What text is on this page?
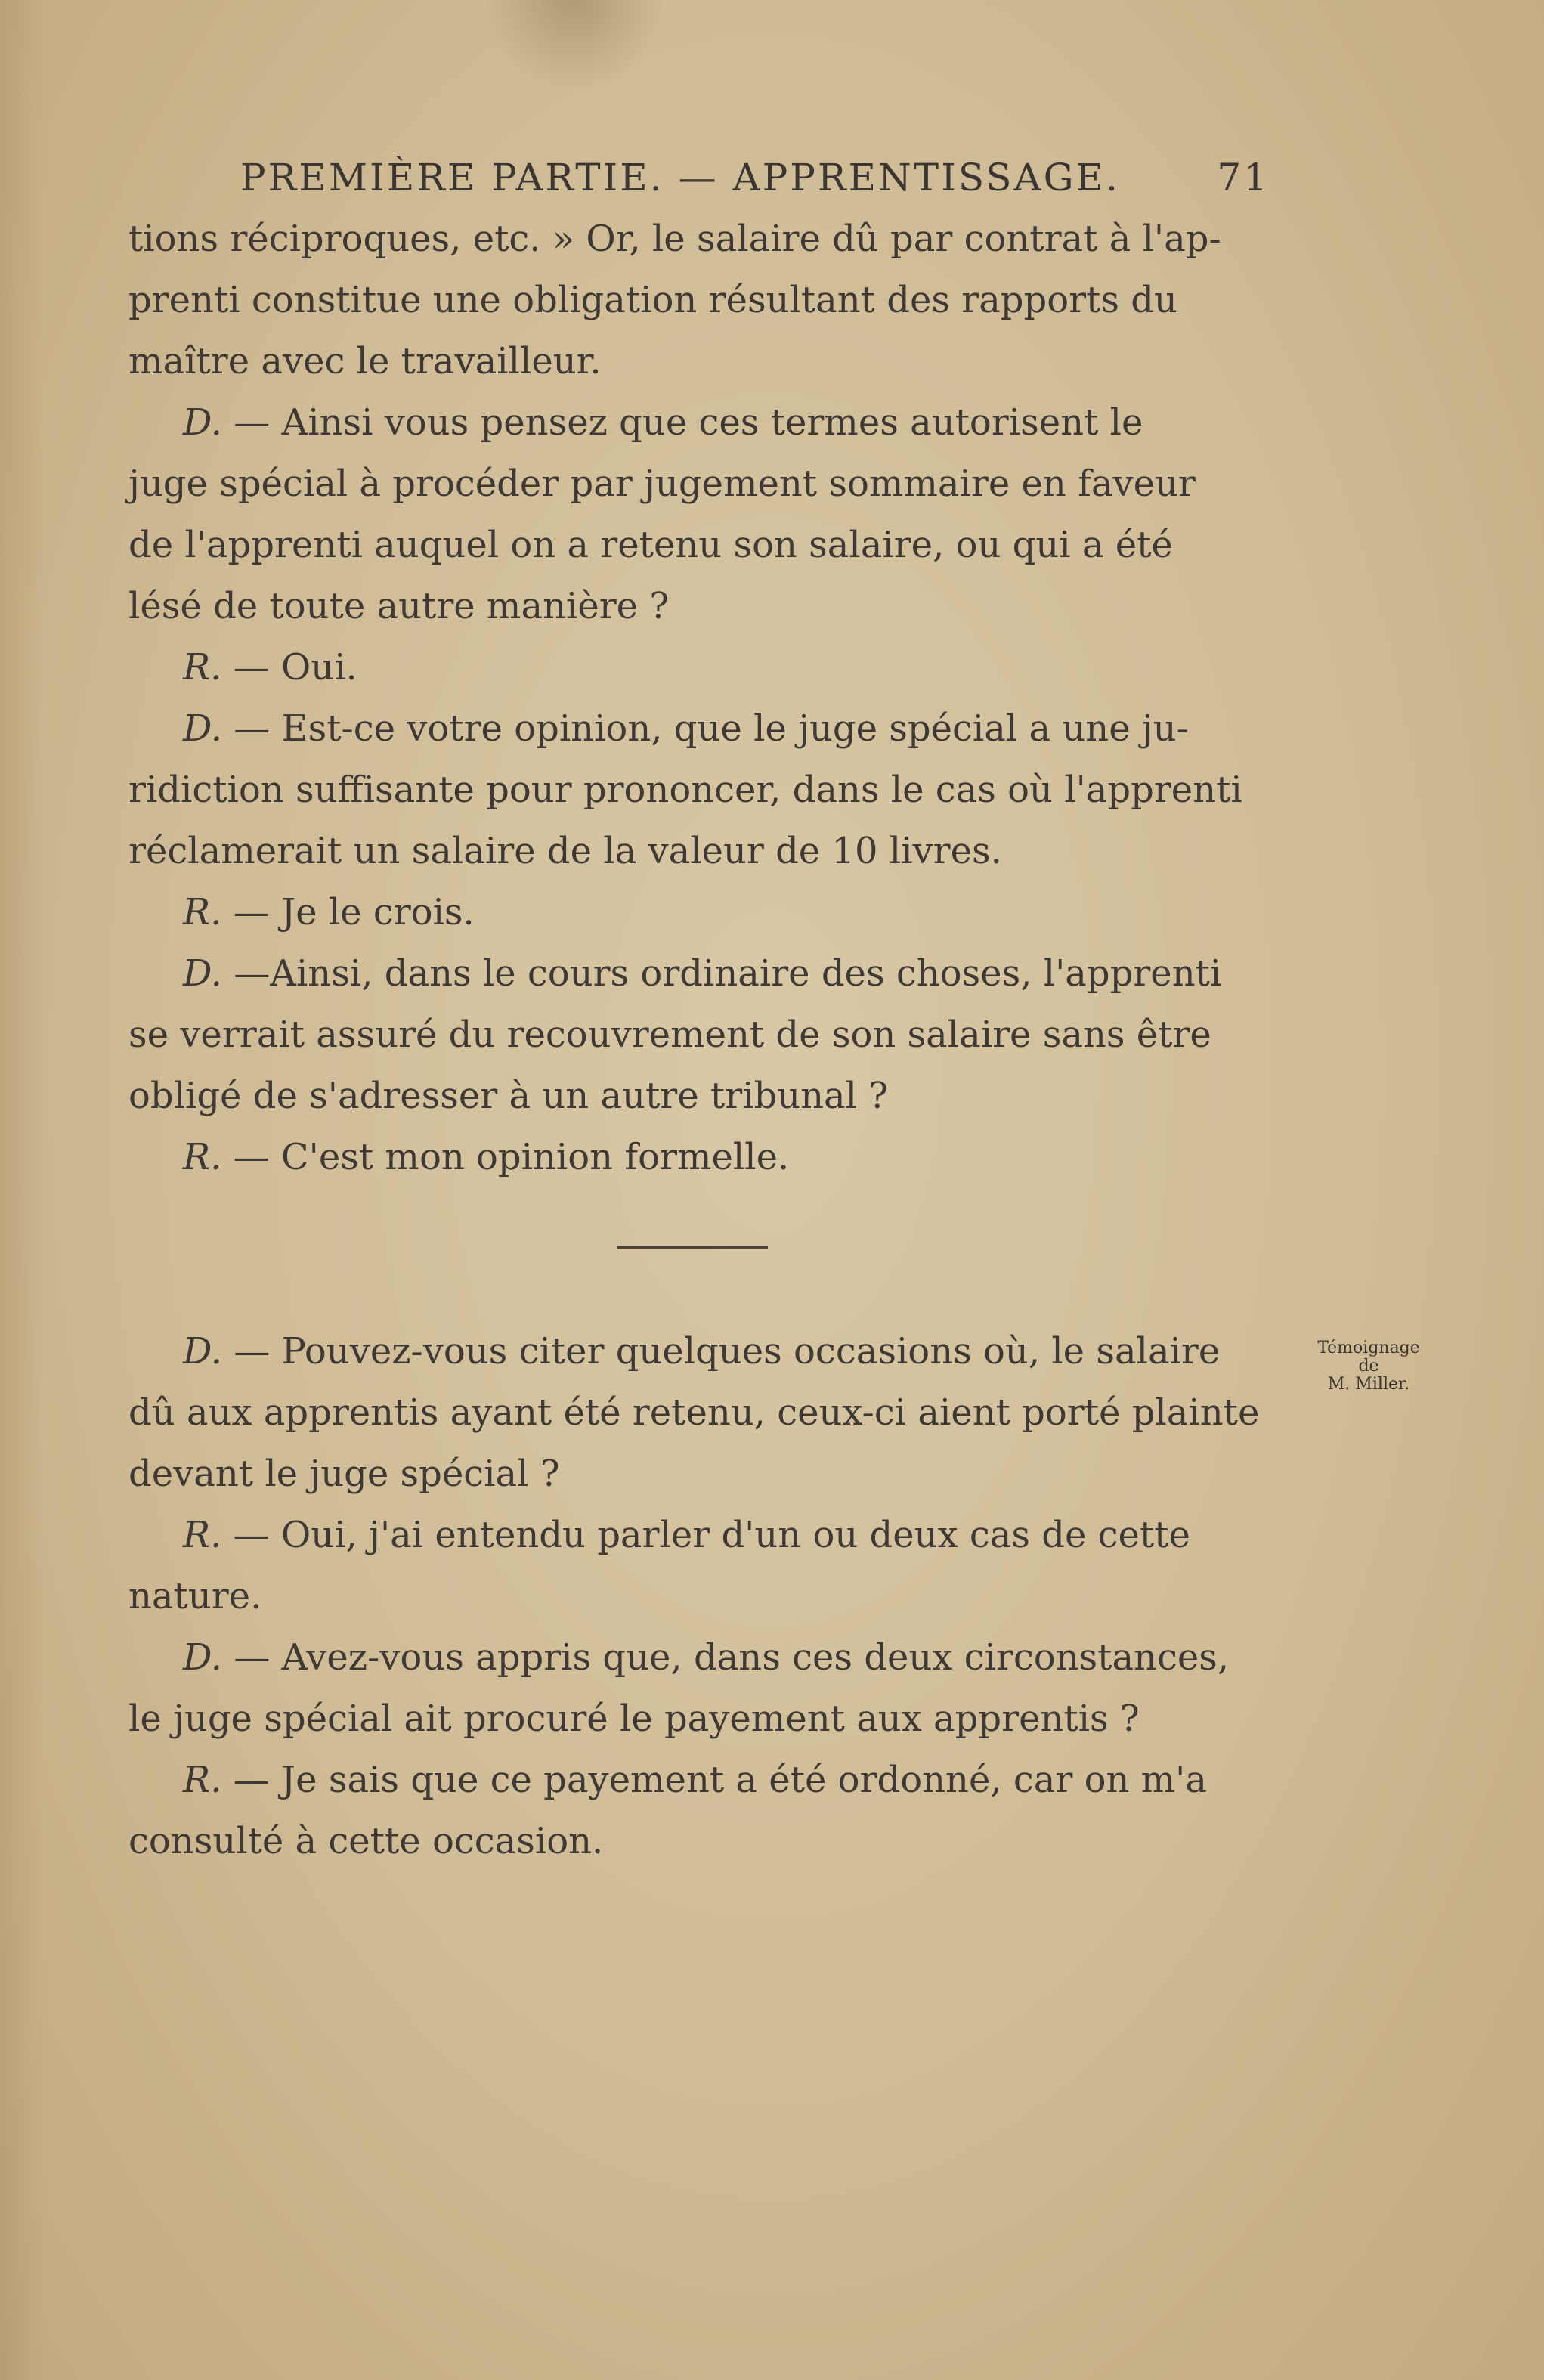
PREMIÈRE PARTIE. — APPRENTISSAGE.	71
tions réciproques, etc. » Or, le salaire dû par contrat à l'ap-
prenti constitue une obligation résultant des rapports du
maître avec le travailleur.
D. — Ainsi vous pensez que ces termes autorisent le
juge spécial à procéder par jugement sommaire en faveur
de l'apprenti auquel on a retenu son salaire, ou qui a été
lésé de toute autre manière ?
R. — Oui.
D. — Est-ce votre opinion, que le juge spécial a une ju-
ridiction suffisante pour prononcer, dans le cas où l'apprenti
réclamerait un salaire de la valeur de 10 livres.
R. — Je le crois.
D. —Ainsi, dans le cours ordinaire des choses, l'apprenti
se verrait assuré du recouvrement de son salaire sans être
obligé de s'adresser à un autre tribunal ?
R. — C'est mon opinion formelle.
D. — Pouvez-vous citer quelques occasions où, le salaire
dû aux apprentis ayant été retenu, ceux-ci aient porté plainte
devant le juge spécial ?
R. — Oui, j'ai entendu parler d'un ou deux cas de cette
nature.
D. — Avez-vous appris que, dans ces deux circonstances,
le juge spécial ait procuré le payement aux apprentis ?
R. — Je sais que ce payement a été ordonné, car on m'a
consulté à cette occasion.
Témoignage
de
M. Miller.
